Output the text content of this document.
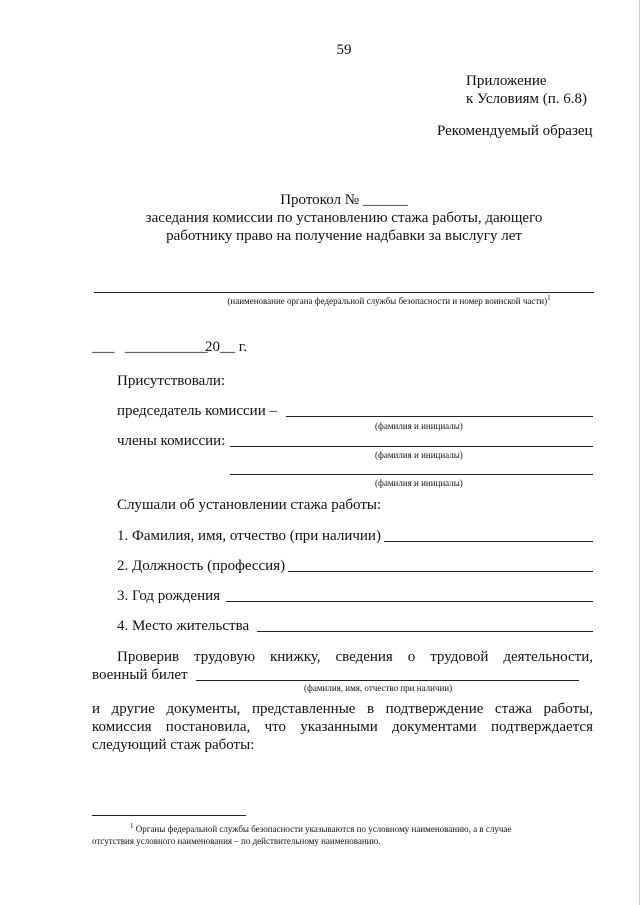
59
Приложение
к Условиям (п. 6.8)
Рекомендуемый образец
Протокол № ______
заседания комиссии по установлению стажа работы, дающего
работнику право на получение надбавки за выслугу лет
(наименование органа федеральной службы безопасности и номер воинской части)$^1$
___ ___________
20__ г.
Присутствовали:
председатель комиссии –
(фамилия и инициалы)
члены комиссии:
(фамилия и инициалы)
(фамилия и инициалы)
Слушали об установлении стажа работы:
1. Фамилия, имя, отчество (при наличии)
2. Должность (профессия)
3. Год рождения
4. Место жительства
Проверив трудовую книжку, сведения о трудовой деятельности,
военный билет
(фамилия, имя, отчество при наличии)
и другие документы, представленные в подтверждение стажа работы,
комиссия постановила, что указанными документами подтверждается
следующий стаж работы:
$^1$ Органы федеральной службы безопасности указываются по условному наименованию, а в случае
отсутствия условного наименования – по действительному наименованию.
